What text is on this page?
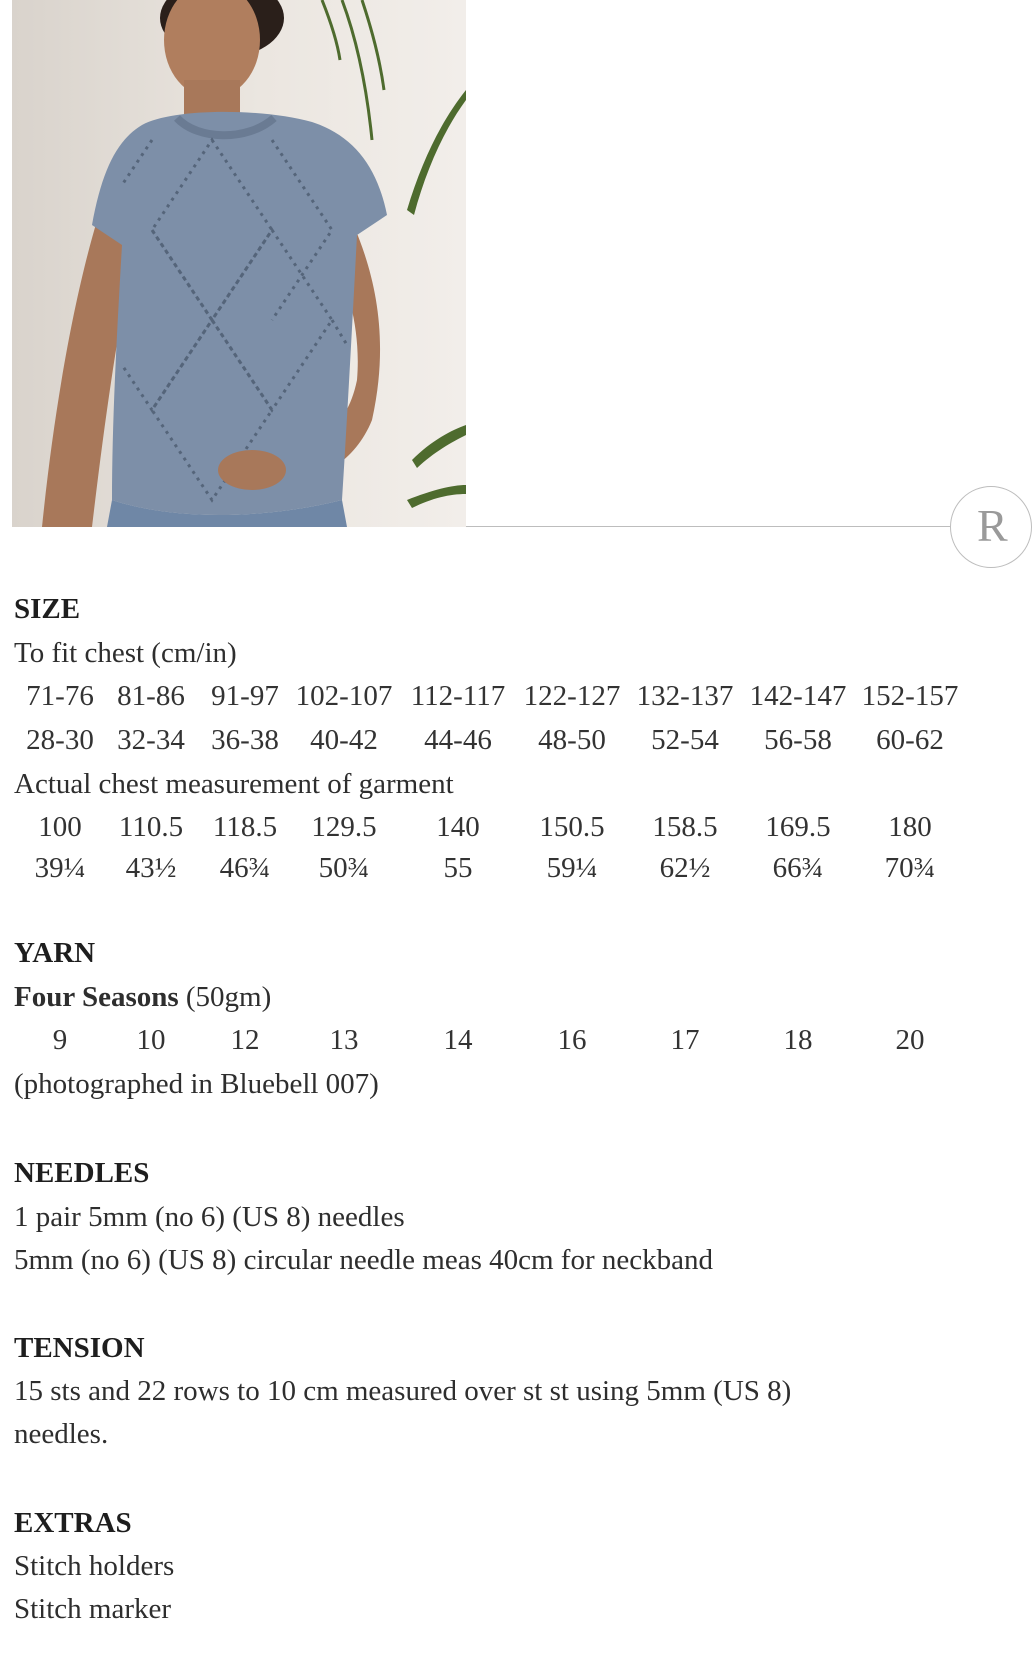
R

SIZE

To fit chest (cm/in)

71-76 81-86 91-97 102-107 112-117 122-127 132-137 142-147 152-157
28-30 32-34 36-38 40-42 44-46 48-50 52-54 56-58 60-62

Actual chest measurement of garment

100 110.5 118.5 129.5 140 150.5 158.5 169.5 180
39¼ 43½ 46¾ 50¾	55	59¼ 62½ 66¾ 70¾

YARN

Four Seasons (50gm)

9 10 12 13	14	16	17	18	20

(photographed in Bluebell 007)

NEEDLES

1 pair 5mm (no 6) (US 8) needles

5mm (no 6) (US 8) circular needle meas 40cm for neckband

TENSION

15 sts and 22 rows to 10 cm measured over st st using 5mm (US 8)

needles.

EXTRAS

Stitch holders

Stitch marker
